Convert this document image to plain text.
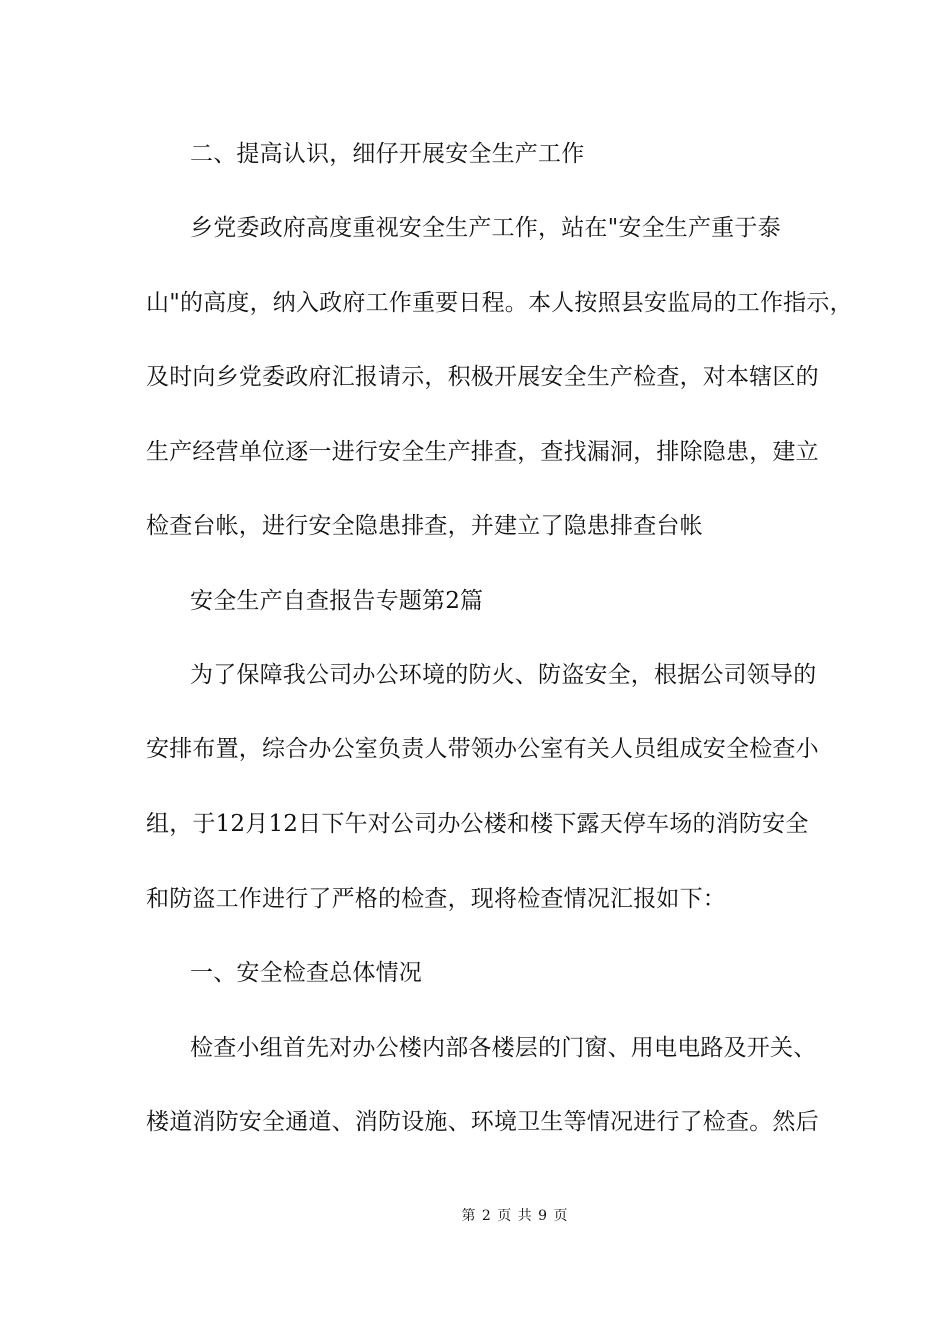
二、提高认识，细仔开展安全生产工作
乡党委政府高度重视安全生产工作，站在"安全生产重于泰
山"的高度，纳入政府工作重要日程。本人按照县安监局的工作指示，
及时向乡党委政府汇报请示，积极开展安全生产检查，对本辖区的
生产经营单位逐一进行安全生产排查，查找漏洞，排除隐患，建立
检查台帐，进行安全隐患排查，并建立了隐患排查台帐
安全生产自查报告专题第2篇
为了保障我公司办公环境的防火、防盗安全，根据公司领导的
安排布置，综合办公室负责人带领办公室有关人员组成安全检查小
组，于12月12日下午对公司办公楼和楼下露天停车场的消防安全
和防盗工作进行了严格的检查，现将检查情况汇报如下：
一、安全检查总体情况
检查小组首先对办公楼内部各楼层的门窗、用电电路及开关、
楼道消防安全通道、消防设施、环境卫生等情况进行了检查。然后
第 2 页 共 9 页
